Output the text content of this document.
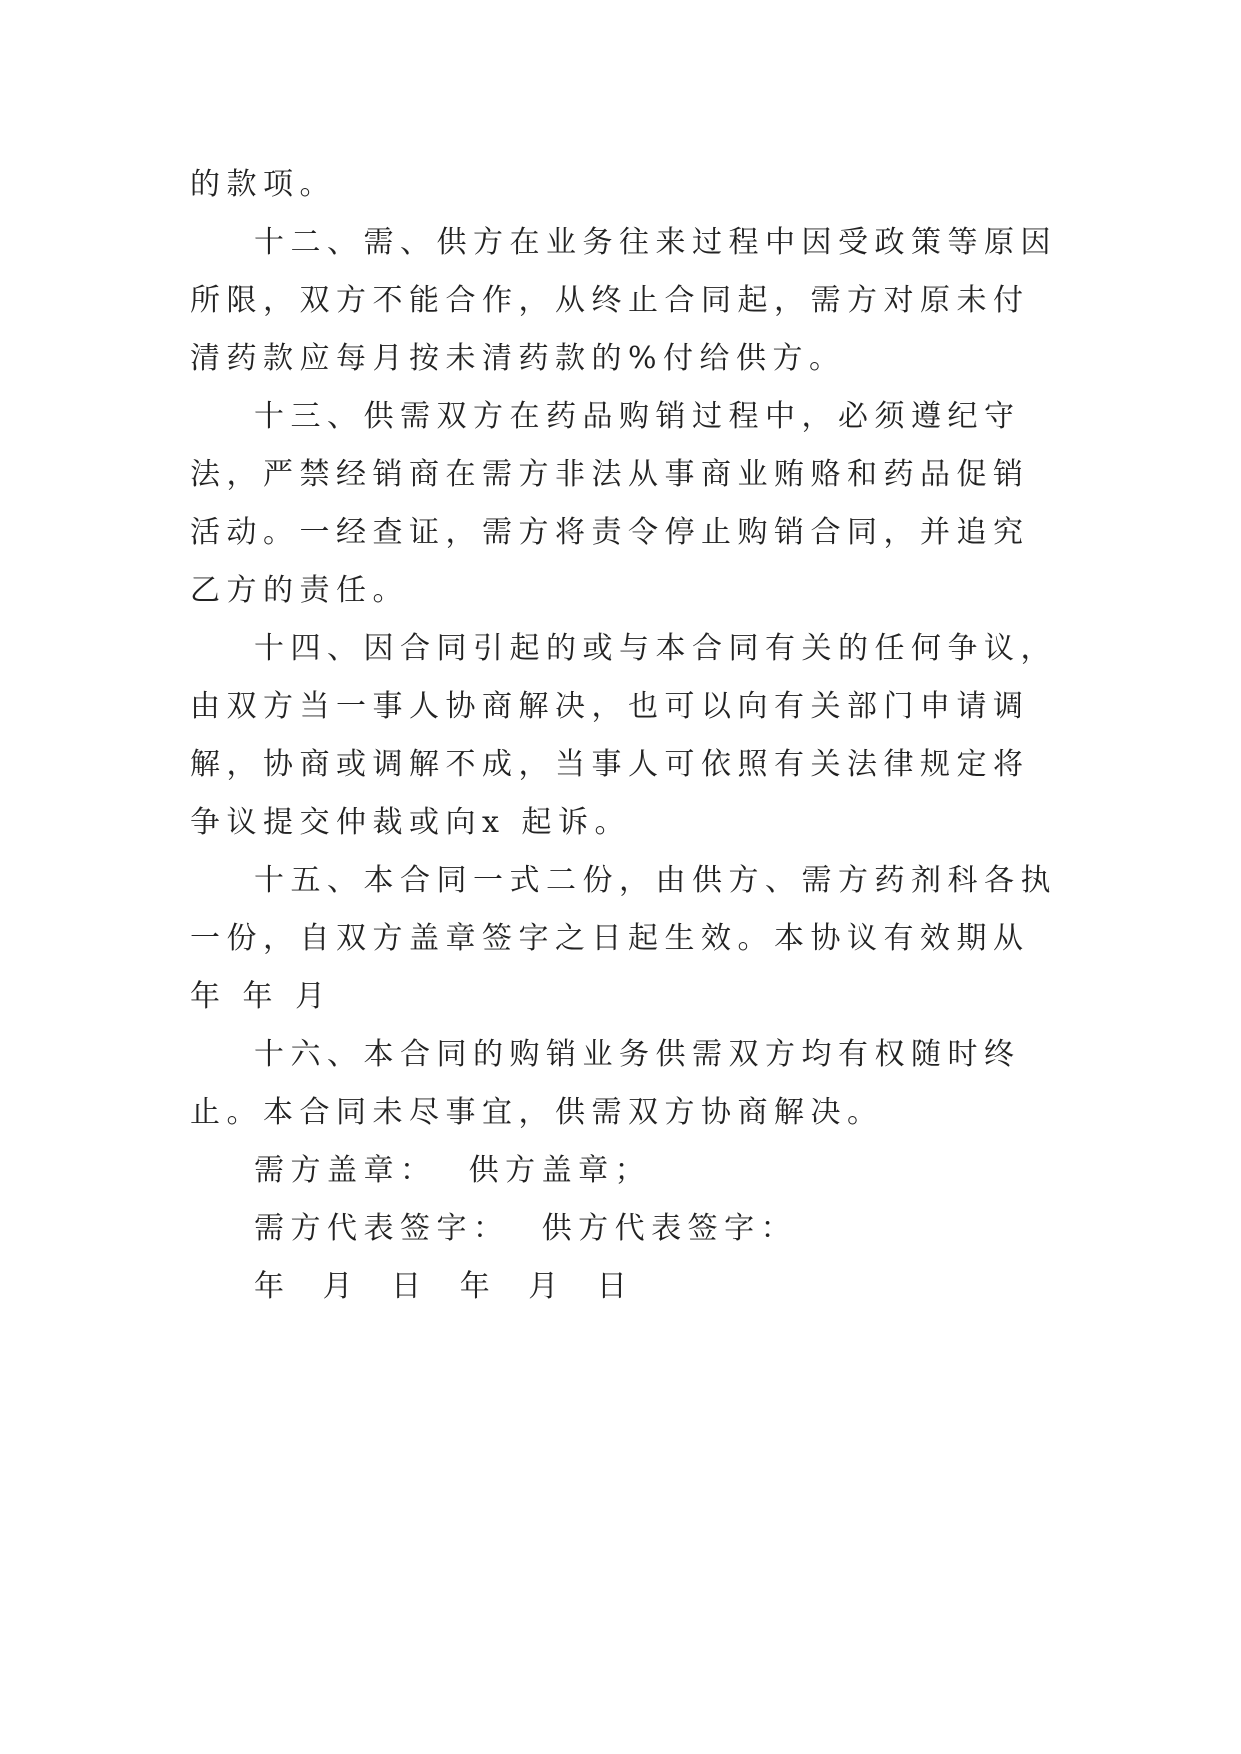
的款项。

十二、需、供方在业务往来过程中因受政策等原因所限，双方不能合作，从终止合同起，需方对原未付清药款应每月按未清药款的%付给供方。

十三、供需双方在药品购销过程中，必须遵纪守法，严禁经销商在需方非法从事商业贿赂和药品促销活动。一经查证，需方将责令停止购销合同，并追究乙方的责任。

十四、因合同引起的或与本合同有关的任何争议，由双方当一事人协商解决，也可以向有关部门申请调解，协商或调解不成，当事人可依照有关法律规定将争议提交仲裁或向x 起诉。

十五、本合同一式二份，由供方、需方药剂科各执一份，自双方盖章签字之日起生效。本协议有效期从年 年 月

十六、本合同的购销业务供需双方均有权随时终止。本合同未尽事宜，供需双方协商解决。

需方盖章：  供方盖章；

需方代表签字：  供方代表签字：

年  月  日  年  月  日
